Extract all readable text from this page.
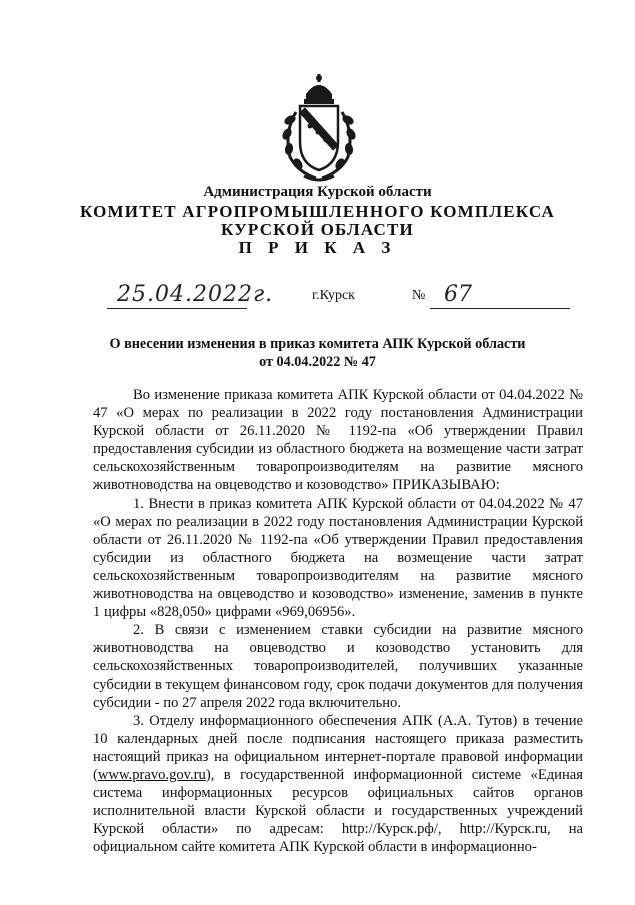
Администрация Курской области

КОМИТЕТ АГРОПРОМЫШЛЕННОГО КОМПЛЕКСА

КУРСКОЙ ОБЛАСТИ

П Р И К А З

25.04.2022г.	г.Курск	№ 67
О внесении изменения в приказ комитета АПК Курской области
от 04.04.2022 № 47

Во изменение приказа комитета АПК Курской области от 04.04.2022 № 47 «О мерах по реализации в 2022 году постановления Администрации Курской области от 26.11.2020 № 1192-па «Об утверждении Правил предоставления субсидии из областного бюджета на возмещение части затрат сельскохозяйственным товаропроизводителям на развитие мясного животноводства на овцеводство и козоводство» ПРИКАЗЫВАЮ:

1. Внести в приказ комитета АПК Курской области от 04.04.2022 № 47 «О мерах по реализации в 2022 году постановления Администрации Курской области от 26.11.2020 № 1192-па «Об утверждении Правил предоставления субсидии из областного бюджета на возмещение части затрат сельскохозяйственным товаропроизводителям на развитие мясного животноводства на овцеводство и козоводство» изменение, заменив в пункте 1 цифры «828,050» цифрами «969,06956».

2. В связи с изменением ставки субсидии на развитие мясного животноводства на овцеводство и козоводство установить для сельскохозяйственных товаропроизводителей, получивших указанные субсидии в текущем финансовом году, срок подачи документов для получения субсидии - по 27 апреля 2022 года включительно.

3. Отделу информационного обеспечения АПК (А.А. Тутов) в течение 10 календарных дней после подписания настоящего приказа разместить настоящий приказ на официальном интернет-портале правовой информации (www.pravo.gov.ru), в государственной информационной системе «Единая система информационных ресурсов официальных сайтов органов исполнительной власти Курской области и государственных учреждений Курской области» по адресам: http://Курск.рф/, http://Курск.ru, на официальном сайте комитета АПК Курской области в информационно-
